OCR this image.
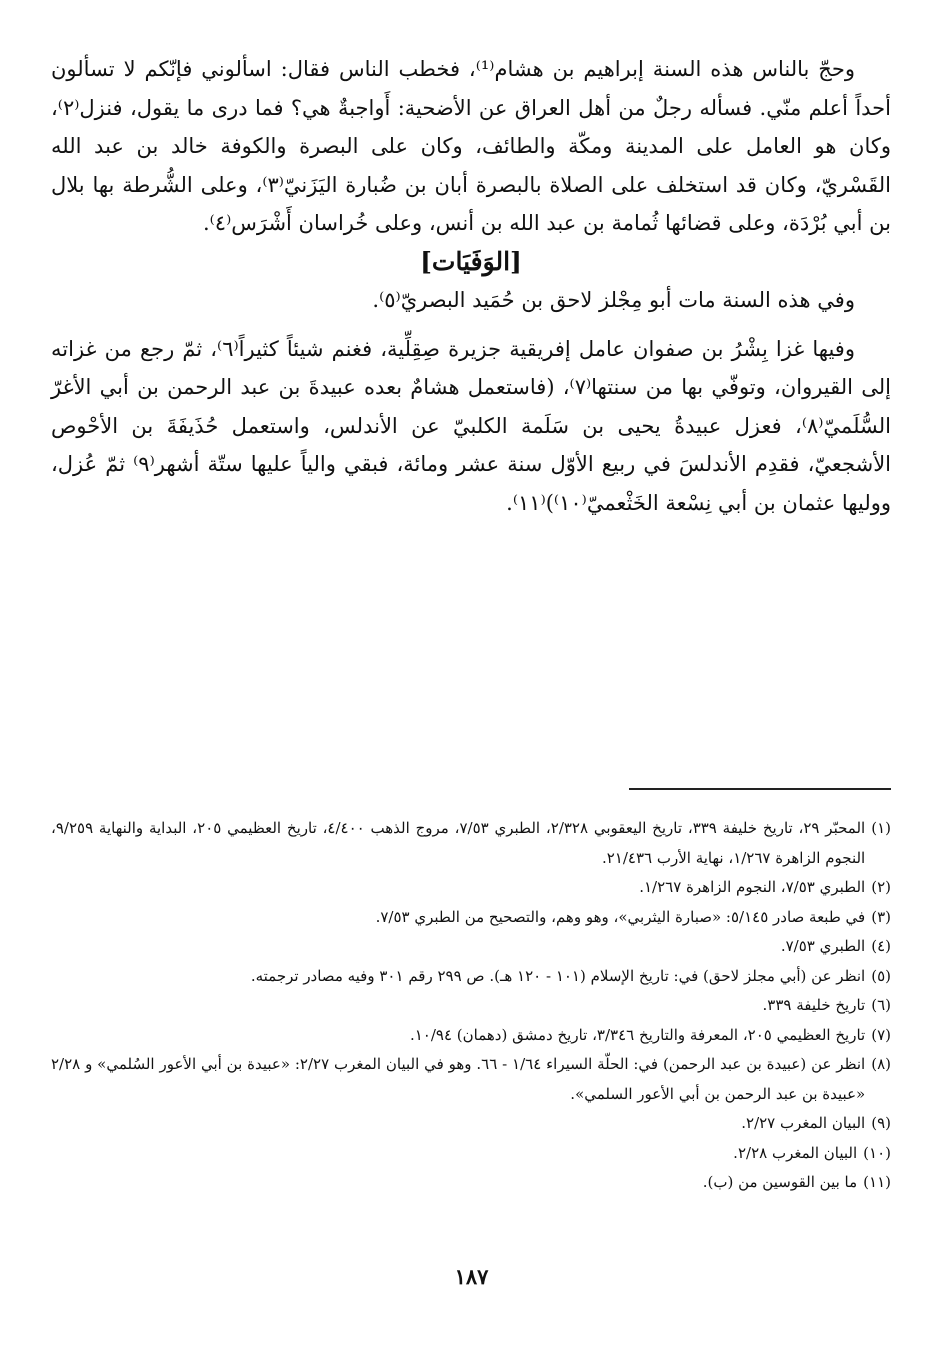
وحجّ بالناس هذه السنة إبراهيم بن هشام⁽¹⁾، فخطب الناس فقال: اسألوني فإنّكم لا تسألون أحداً أعلم منّي. فسأله رجلٌ من أهل العراق عن الأضحية: أَواجبةٌ هي؟ فما درى ما يقول، فنزل⁽٢⁾، وكان هو العامل على المدينة ومكّة والطائف، وكان على البصرة والكوفة خالد بن عبد الله القَسْريّ، وكان قد استخلف على الصلاة بالبصرة أبان بن ضُبارة اليَزَنيّ⁽٣⁾، وعلى الشُّرطة بها بلال بن أبي بُرْدَة، وعلى قضائها ثُمامة بن عبد الله بن أنس، وعلى خُراسان أَشْرَس⁽٤⁾.

[الوَفَيَات]

وفي هذه السنة مات أبو مِجْلز لاحق بن حُمَيد البصريّ⁽٥⁾.

وفيها غزا بِشْرُ بن صفوان عامل إفريقية جزيرة صِقِلِّية، فغنم شيئاً كثيراً⁽٦⁾، ثمّ رجع من غزاته إلى القيروان، وتوفّي بها من سنتها⁽٧⁾، (فاستعمل هشامٌ بعده عبيدةَ بن عبد الرحمن بن أبي الأغرّ السُّلَميّ⁽٨⁾، فعزل عبيدةُ يحيى بن سَلَمة الكلبيّ عن الأندلس، واستعمل حُذَيفَةَ بن الأحْوص الأشجعيّ، فقدِم الأندلسَ في ربيع الأوّل سنة عشر ومائة، فبقي والياً عليها ستّة أشهر⁽٩⁾ ثمّ عُزل، ووليها عثمان بن أبي نِسْعة الخَثْعميّ⁽١٠⁾)⁽١١⁾.

(١)
المحبّر ٢٩، تاريخ خليفة ٣٣٩، تاريخ اليعقوبي ٢/٣٢٨، الطبري ٧/٥٣، مروج الذهب ٤/٤٠٠، تاريخ العظيمي ٢٠٥، البداية والنهاية ٩/٢٥٩، النجوم الزاهرة ١/٢٦٧، نهاية الأرب ٢١/٤٣٦.
(٢)
الطبري ٧/٥٣، النجوم الزاهرة ١/٢٦٧.
(٣)
في طبعة صادر ٥/١٤٥: «صبارة اليثربي»، وهو وهم، والتصحيح من الطبري ٧/٥٣.
(٤)
الطبري ٧/٥٣.
(٥)
انظر عن (أبي مجلز لاحق) في: تاريخ الإسلام (١٠١ - ١٢٠ هـ). ص ٢٩٩ رقم ٣٠١ وفيه مصادر ترجمته.
(٦)
تاريخ خليفة ٣٣٩.
(٧)
تاريخ العظيمي ٢٠٥، المعرفة والتاريخ ٣/٣٤٦، تاريخ دمشق (دهمان) ١٠/٩٤.
(٨)
انظر عن (عبيدة بن عبد الرحمن) في: الحلّة السيراء ١/٦٤ - ٦٦. وهو في البيان المغرب ٢/٢٧: «عبيدة بن أبي الأعور السُلمي» و ٢/٢٨ «عبيدة بن عبد الرحمن بن أبي الأعور السلمي».
(٩)
البيان المغرب ٢/٢٧.
(١٠)
البيان المغرب ٢/٢٨.
(١١)
ما بين القوسين من (ب).
١٨٧
